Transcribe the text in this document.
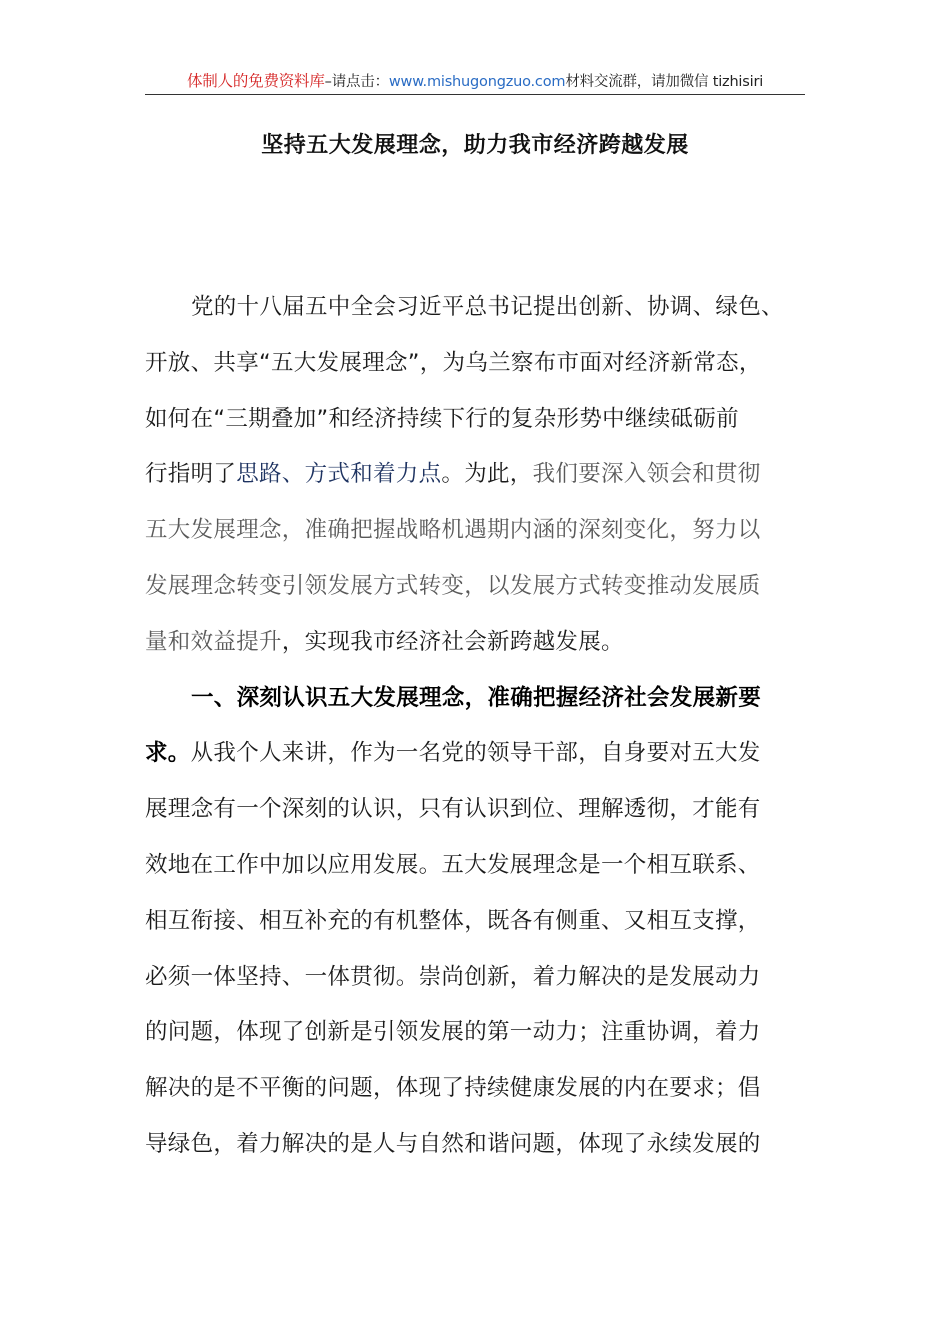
体制人的免费资料库–请点击：www.mishugongzuo.com材料交流群，请加微信 tizhisiri
坚持五大发展理念，助力我市经济跨越发展
党的十八届五中全会习近平总书记提出创新、协调、绿色、
开放、共享“五大发展理念”，为乌兰察布市面对经济新常态，
如何在“三期叠加”和经济持续下行的复杂形势中继续砥砺前
行指明了思路、方式和着力点。为此，我们要深入领会和贯彻
五大发展理念，准确把握战略机遇期内涵的深刻变化，努力以
发展理念转变引领发展方式转变，以发展方式转变推动发展质
量和效益提升，实现我市经济社会新跨越发展。
一、深刻认识五大发展理念，准确把握经济社会发展新要
求。从我个人来讲，作为一名党的领导干部，自身要对五大发
展理念有一个深刻的认识，只有认识到位、理解透彻，才能有
效地在工作中加以应用发展。五大发展理念是一个相互联系、
相互衔接、相互补充的有机整体，既各有侧重、又相互支撑，
必须一体坚持、一体贯彻。崇尚创新，着力解决的是发展动力
的问题，体现了创新是引领发展的第一动力；注重协调，着力
解决的是不平衡的问题，体现了持续健康发展的内在要求；倡
导绿色，着力解决的是人与自然和谐问题，体现了永续发展的
